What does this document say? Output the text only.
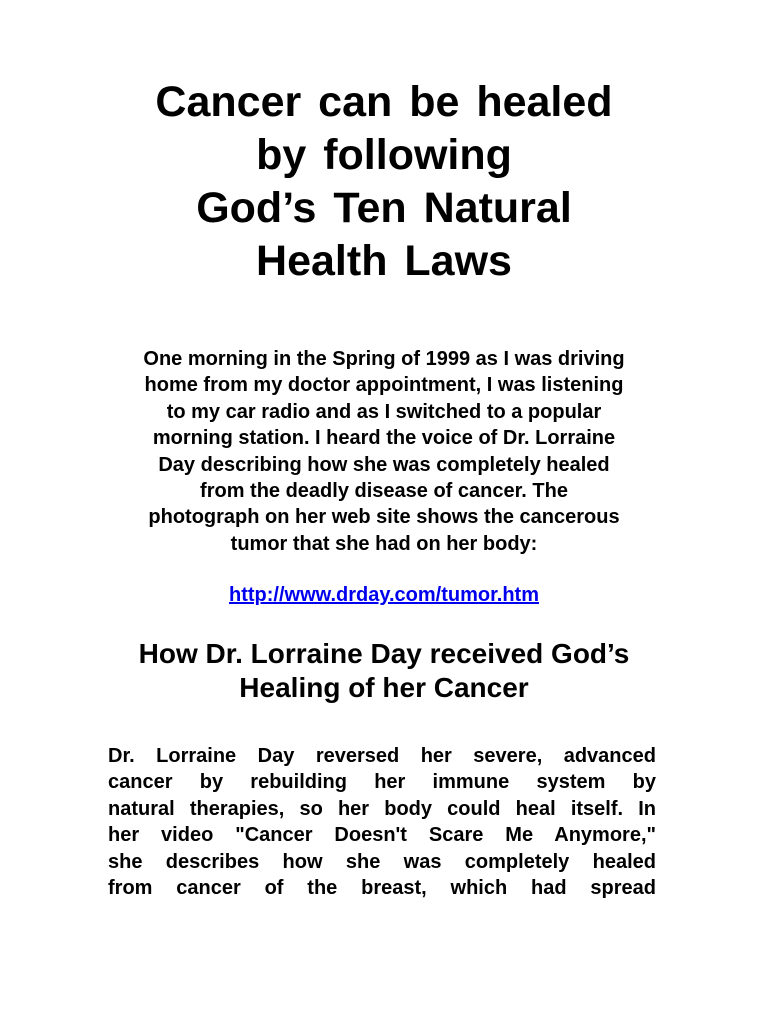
Cancer can be healed
by following
God’s Ten Natural
Health Laws

One morning in the Spring of 1999 as I was driving
home from my doctor appointment, I was listening
to my car radio and as I switched to a popular
morning station. I heard the voice of Dr. Lorraine
Day describing how she was completely healed
from the deadly disease of cancer. The
photograph on her web site shows the cancerous
tumor that she had on her body:

http://www.drday.com/tumor.htm
How Dr. Lorraine Day received God’s
Healing of her Cancer

Dr. Lorraine Day reversed her severe, advanced
cancer by rebuilding her immune system by
natural therapies, so her body could heal itself. In
her video "Cancer Doesn't Scare Me Anymore,"
she describes how she was completely healed
from cancer of the breast, which had spread
